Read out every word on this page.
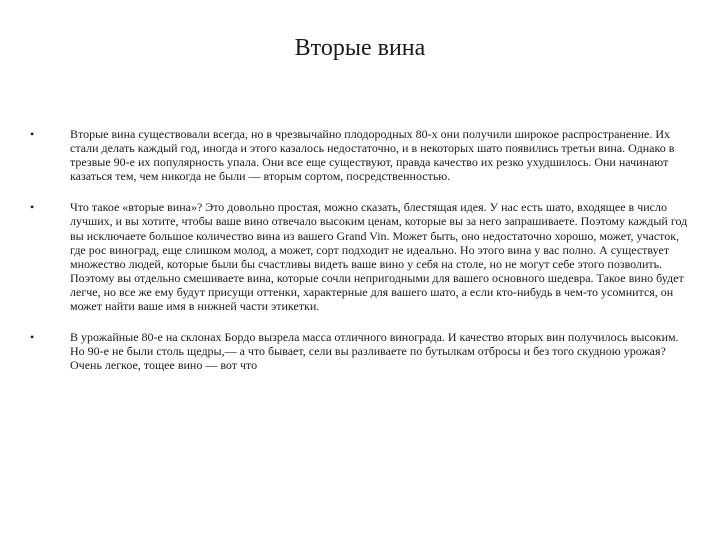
Вторые вина
•	Вторые вина существовали всегда, но в чрезвычайно плодородных 80-х они получили широкое распространение. Их стали делать каждый год, иногда и этого казалось недостаточно, и в некоторых шато появились третьи вина. Однако в трезвые 90-е их популярность упала. Они все еще существуют, правда качество их резко ухудшилось. Они начинают казаться тем, чем никогда не были — вторым сортом, посредственностью.
•	Что такое «вторые вина»? Это довольно простая, можно сказать, блестящая идея. У нас есть шато, входящее в число лучших, и вы хотите, чтобы ваше вино отвечало высоким ценам, которые вы за него запрашиваете. Поэтому каждый год вы исключаете большое количество вина из вашего Grand Vin. Может быть, оно недостаточно хорошо, может, участок, где рос виноград, еще слишком молод, а может, сорт подходит не идеально. Но этого вина у вас полно. А существует множество людей, которые были бы счастливы видеть ваше вино у себя на столе, но не могут себе этого позволить. Поэтому вы отдельно смешиваете вина, которые сочли непригодными для вашего основного шедевра. Такое вино будет легче, но все же ему будут присущи оттенки, характерные для вашего шато, а если кто-нибудь в чем-то усомнится, он может найти ваше имя в нижней части этикетки.
•	В урожайные 80-е на склонах Бордо вызрела масса отличного винограда. И качество вторых вин получилось высоким. Но 90-е не были столь щедры,— а что бывает, сели вы разливаете по бутылкам отбросы и без того скудною урожая? Очень легкое, тощее вино — вот что
